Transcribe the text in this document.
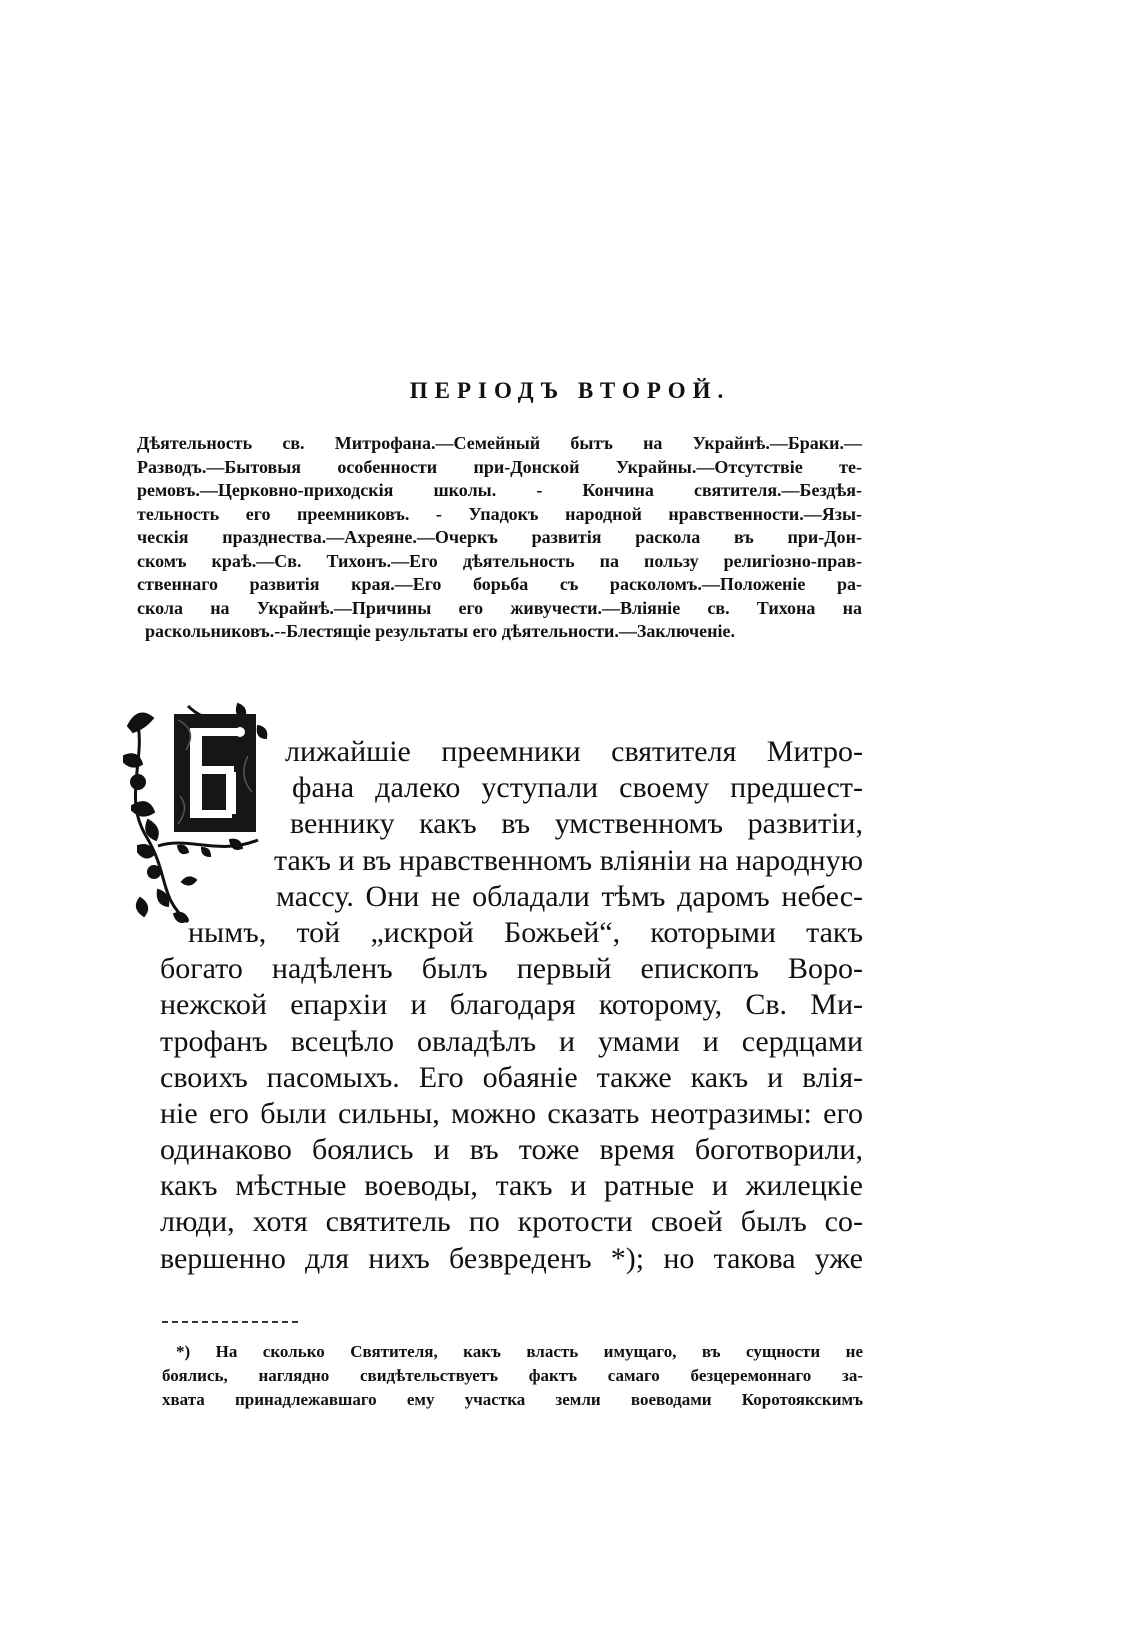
ПЕРІОДЪ ВТОРОЙ.
Дѣятельность св. Митрофана.—Семейный бытъ на Украйнѣ.—Браки.—
Разводъ.—Бытовыя особенности при-Донской Украйны.—Отсутствіе те-
ремовъ.—Церковно-приходскія школы. - Кончина святителя.—Бездѣя-
тельность его преемниковъ. - Упадокъ народной нравственности.—Язы-
ческія празднества.—Ахреяне.—Очеркъ развитія раскола въ при-Дон-
скомъ краѣ.—Св. Тихонъ.—Его дѣятельность па пользу религіозно-прав-
ственнаго развитія края.—Его борьба съ расколомъ.—Положеніе ра-
скола на Украйнѣ.—Причины его живучести.—Вліяніе св. Тихона на
раскольниковъ.--Блестящіе результаты его дѣятельности.—Заключеніе.
лижайшіе преемники святителя Митро-
фана далеко уступали своему предшест-
веннику какъ въ умственномъ развитіи,
такъ и въ нравственномъ вліяніи на народную
массу. Они не обладали тѣмъ даромъ небес-
нымъ, той „искрой Божьей“, которыми такъ
богато надѣленъ былъ первый епископъ Воро-
нежской епархіи и благодаря которому, Св. Ми-
трофанъ всецѣло овладѣлъ и умами и сердцами
своихъ пасомыхъ. Его обаяніе также какъ и влія-
ніе его были сильны, можно сказать неотразимы: его
одинаково боялись и въ тоже время боготворили,
какъ мѣстные воеводы, такъ и ратные и жилецкіе
люди, хотя святитель по кротости своей былъ со-
вершенно для нихъ безвреденъ *); но такова уже
*) На сколько Святителя, какъ власть имущаго, въ сущности не
боялись, наглядно свидѣтельствуетъ фактъ самаго безцеремоннаго за-
хвата принадлежавшаго ему участка земли воеводами Коротоякскимъ
